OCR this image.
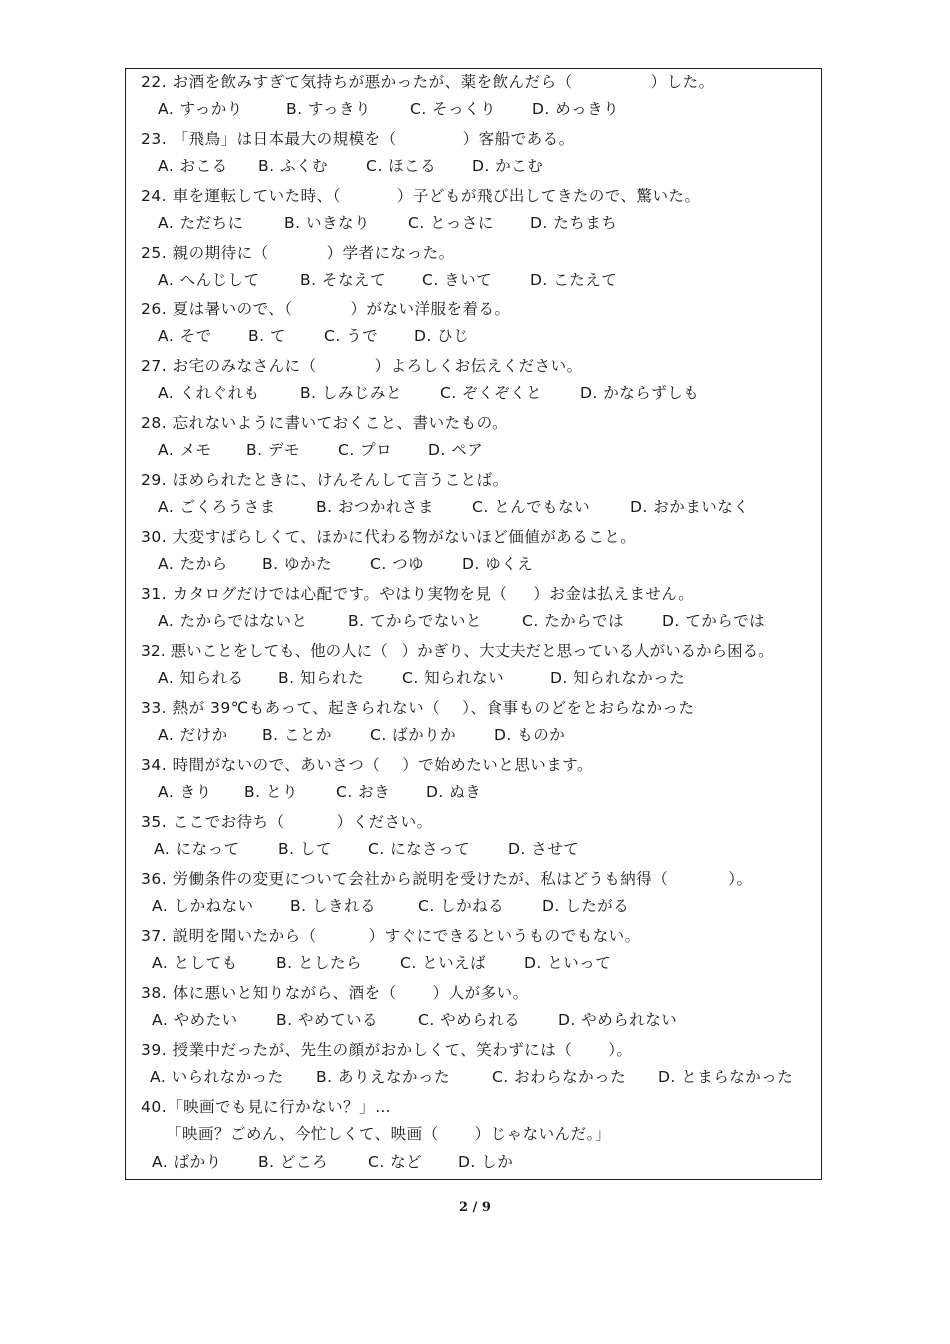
22. お酒を飲みすぎて気持ちが悪かったが、薬を飲んだら（	）した。
A. すっかり	B. すっきり	C. そっくり D. めっきり
23. 「飛鳥」は日本最大の規模を（	）客船である。
A. おこる B. ふくむ C. ほこる D. かこむ
24. 車を運転していた時、（	）子どもが飛び出してきたので、驚いた。
A. ただちに	B. いきなり C. とっさに D. たちまち
25. 親の期待に（	）学者になった。
A. へんじして	B. そなえて C. きいて D. こたえて
26. 夏は暑いので、（	）がない洋服を着る。
A. そで B. て C. うで D. ひじ
27. お宅のみなさんに（	）よろしくお伝えください。
A. くれぐれも	B. しみじみと C. ぞくぞくと D. かならずしも
28. 忘れないように書いておくこと、書いたもの。
A. メモ B. デモ C. プロ D. ペア
29. ほめられたときに、けんそんして言うことば。
A. ごくろうさま	B. おつかれさま C. とんでもない	D. おかまいなく
30. 大変すばらしくて、ほかに代わる物がないほど価値があること。
A. たから B. ゆかた C. つゆ D. ゆくえ
31. カタログだけでは心配です。やはり実物を見（ ）お金は払えません。
A. たからではないと	B. てからでないと	C. たからでは D. てからでは
32. 悪いことをしても、他の人に（ ）かぎり、大丈夫だと思っている人がいるから困る。
A. 知られる B. 知られた C. 知られない	D. 知られなかった
33. 熱が 39℃もあって、起きられない（ ）、食事ものどをとおらなかった
A. だけか B. ことか C. ばかりか D. ものか
34. 時間がないので、あいさつ（ ）で始めたいと思います。
A. きり B. とり C. おき D. ぬき
35. ここでお待ち（	）ください。
A. になって B. して C. になさって D. させて
36. 労働条件の変更について会社から説明を受けたが、私はどうも納得（	）。
A. しかねない B. しきれる	C. しかねる D. したがる
37. 説明を聞いたから（	）すぐにできるというものでもない。
A. としても B. としたら C. といえば D. といって
38. 体に悪いと知りながら、酒を（ ）人が多い。
A. やめたい B. やめている	C. やめられる D. やめられない
39. 授業中だったが、先生の顔がおかしくて、笑わずには（ ）。
A. いられなかった B. ありえなかった	C. おわらなかった D. とまらなかった
40.「映画でも見に行かない？」…
「映画？ごめん、今忙しくて、映画（ ）じゃないんだ。」
A. ばかり B. どころ	C. など D. しか
2 / 9
